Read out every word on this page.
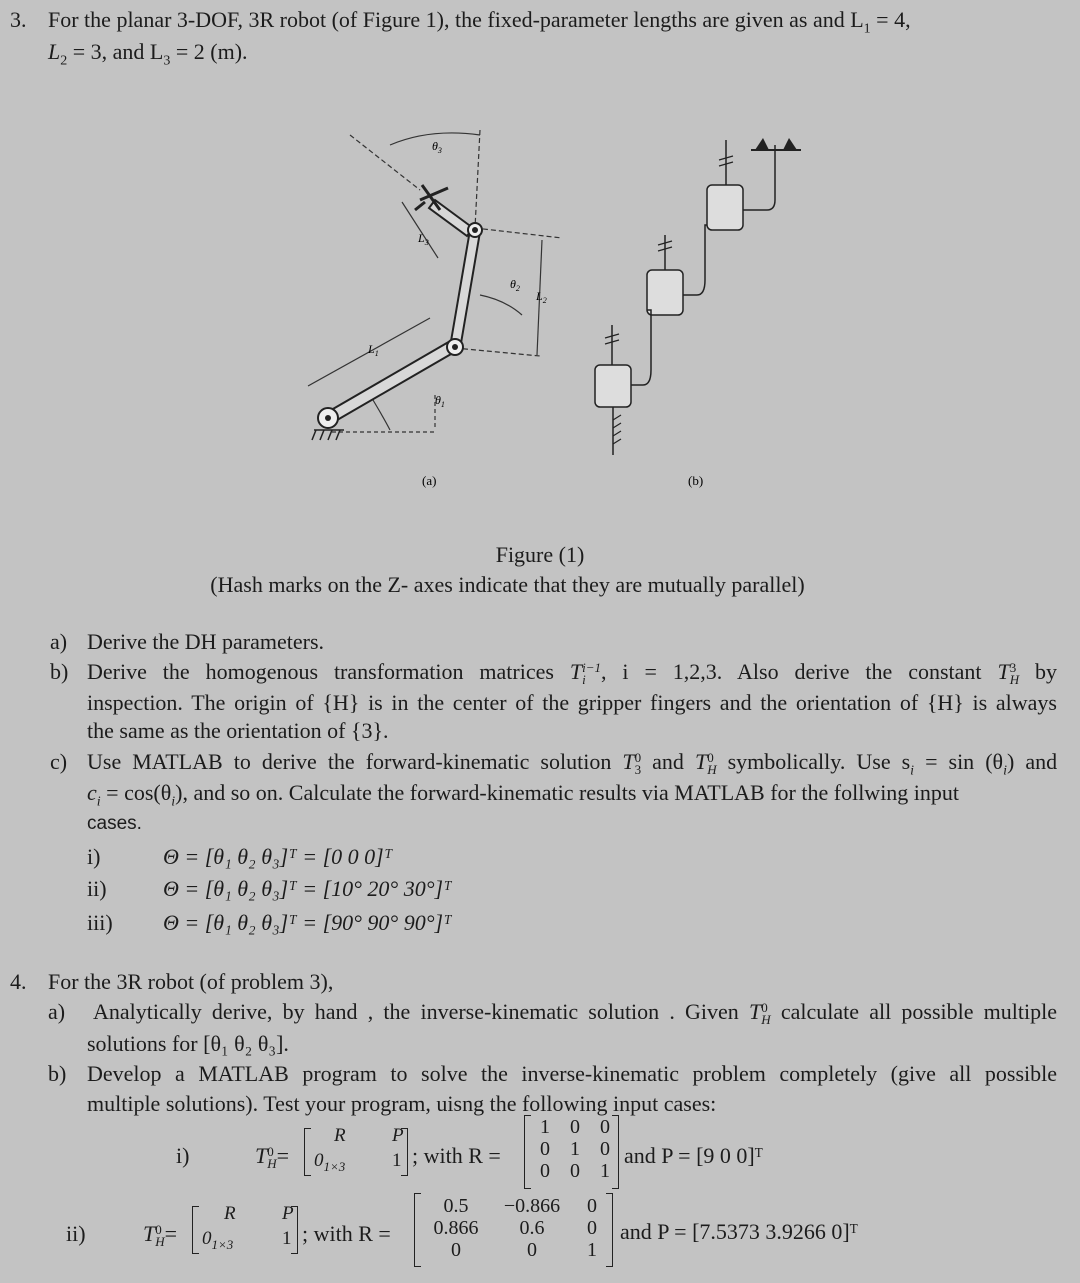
3. For the planar 3-DOF, 3R robot (of Figure 1), the fixed-parameter lengths are given as and $L_1 = 4$,
$L_2 = 3$, and $L_3 = 2$ (m).
$\theta_3$
$L_3$
$\theta_2$
$L_2$
$L_1$
$\theta_1$
(a)	(b)
Figure (1)
(Hash marks on the Z- axes indicate that they are mutually parallel)
a) Derive the DH parameters.
b) Derive the homogenous transformation matrices T i−1
i , i = 1,2,3. Also derive the constant T 3
H by
inspection. The origin of {H} is in the center of the gripper fingers and the orientation of {H} is always
the same as the orientation of {3}.
c) Use MATLAB to derive the forward-kinematic solution T 0
3 and T 0
H symbolically. Use $s_i = \sin (\theta_i)$ and
$c_i = \cos(\theta_i)$, and so on. Calculate the forward-kinematic results via MATLAB for the follwing input
cases.
i)	Θ = [θ₁ θ₂ θ₃]ᵀ = [0 0 0]ᵀ
ii)	Θ = [θ₁ θ₂ θ₃]ᵀ = [10° 20° 30°]ᵀ
iii) Θ = [θ₁ θ₂ θ₃]ᵀ = [90° 90° 90°]ᵀ
4. For the 3R robot (of problem 3),
a) Analytically derive, by hand , the inverse-kinematic solution . Given T 0
H calculate all possible multiple
solutions for [θ₁ θ₂ θ₃].
b) Develop a MATLAB program to solve the inverse-kinematic problem completely (give all possible
multiple solutions). Test your program, uisng the following input cases:
i)	T 0
H =
R P
$0_{1\times 3}$ 1 ; with R =
1 0 0
0 1 0
0 0 1
and P = [9 0 0]ᵀ
ii)	T 0
H =
R P
$0_{1\times 3}$	1 ; with R =
0.5 −0.866 0
0.866 0.6 0
0	0	1
and P = [7.5373 3.9266 0]ᵀ
